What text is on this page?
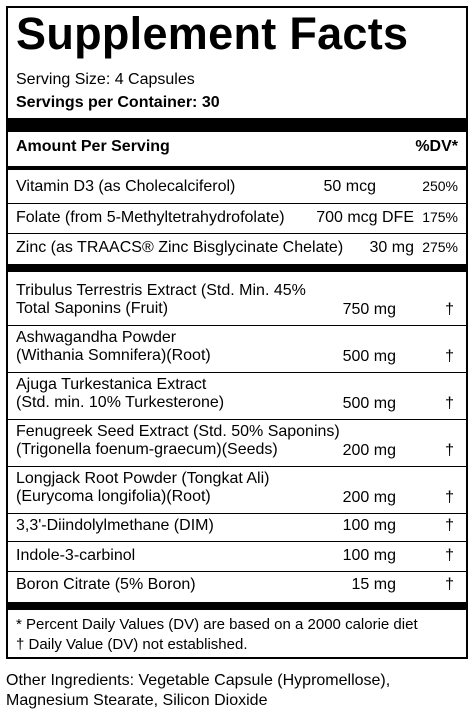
Supplement Facts
Serving Size: 4 Capsules
Servings per Container: 30
Amount Per Serving	%DV*
Vitamin D3 (as Cholecalciferol)	50 mcg	250%
Folate (from 5-Methyltetrahydrofolate) 700 mcg DFE 175%
Zinc (as TRAACS® Zinc Bisglycinate Chelate) 30 mg 275%
Tribulus Terrestris Extract (Std. Min. 45%
Total Saponins (Fruit)	750 mg	†
Ashwagandha Powder
(Withania Somnifera)(Root)	500 mg	†
Ajuga Turkestanica Extract
(Std. min. 10% Turkesterone)	500 mg	†
Fenugreek Seed Extract (Std. 50% Saponins)
(Trigonella foenum-graecum)(Seeds)	200 mg	†
Longjack Root Powder (Tongkat Ali)
(Eurycoma longifolia)(Root)	200 mg	†
3,3'-Diindolylmethane (DIM)	100 mg	†
Indole-3-carbinol	100 mg	†
Boron Citrate (5% Boron)	15 mg	†
* Percent Daily Values (DV) are based on a 2000 calorie diet
† Daily Value (DV) not established.
Other Ingredients: Vegetable Capsule (Hypromellose),
Magnesium Stearate, Silicon Dioxide
